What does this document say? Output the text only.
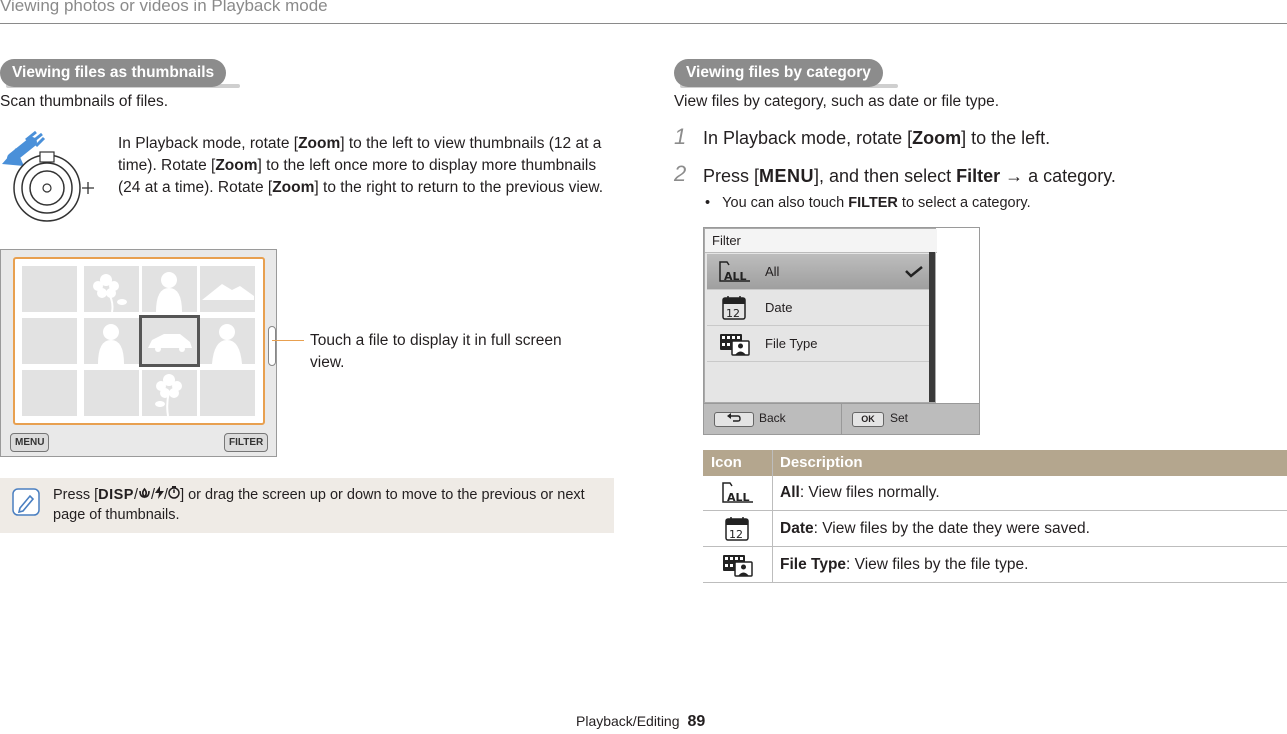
Viewing photos or videos in Playback mode
Viewing files as thumbnails
Scan thumbnails of files.
In Playback mode, rotate [Zoom] to the left to view thumbnails (12 at a time). Rotate [Zoom] to the left once more to display more thumbnails (24 at a time). Rotate [Zoom] to the right to return to the previous view.
MENU	FILTER
Touch a file to display it in full screen view.
Press [DISP/ / / ] or drag the screen up or down to move to the previous or next page of thumbnails.
Viewing files by category
View files by category, such as date or file type.
1 In Playback mode, rotate [Zoom] to the left.
2 Press [MENU], and then select Filter → a category.
•   You can also touch FILTER to select a category.
Filter
ALL All
12 Date
File Type
Back	OK	Set
Icon	Description
ALL All: View files normally.
12 Date: View files by the date they were saved.
File Type: View files by the file type.
Playback/Editing 89
